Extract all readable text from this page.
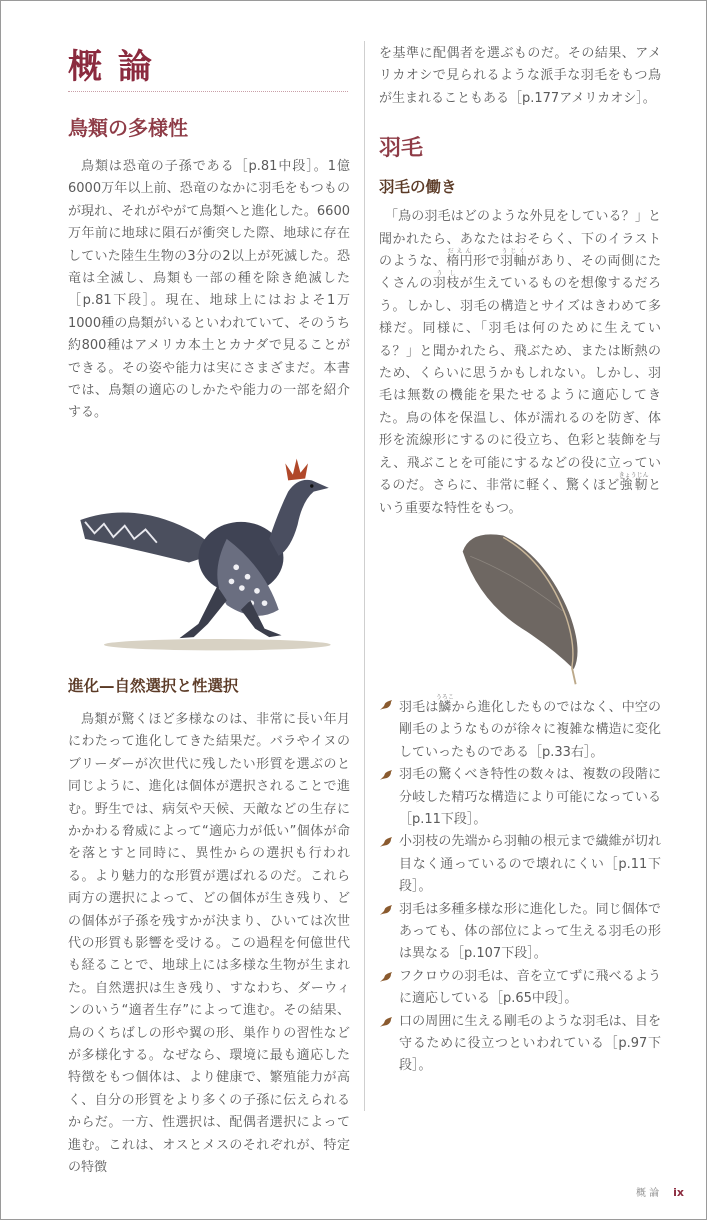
概 論
鳥類の多様性

鳥類は恐竜の子孫である［p.81中段］。1億6000万年以上前、恐竜のなかに羽毛をもつものが現れ、それがやがて鳥類へと進化した。6600万年前に地球に隕石が衝突した際、地球に存在していた陸生生物の3分の2以上が死滅した。恐竜は全滅し、鳥類も一部の種を除き絶滅した［p.81下段］。現在、地球上にはおよそ1万1000種の鳥類がいるといわれていて、そのうち約800種はアメリカ本土とカナダで見ることができる。その姿や能力は実にさまざまだ。本書では、鳥類の適応のしかたや能力の一部を紹介する。

進化—自然選択と性選択

鳥類が驚くほど多様なのは、非常に長い年月にわたって進化してきた結果だ。バラやイヌのブリーダーが次世代に残したい形質を選ぶのと同じように、進化は個体が選択されることで進む。野生では、病気や天候、天敵などの生存にかかわる脅威によって“適応力が低い”個体が命を落とすと同時に、異性からの選択も行われる。より魅力的な形質が選ばれるのだ。これら両方の選択によって、どの個体が生き残り、どの個体が子孫を残すかが決まり、ひいては次世代の形質も影響を受ける。この過程を何億世代も経ることで、地球上には多様な生物が生まれた。自然選択は生き残り、すなわち、ダーウィンのいう“適者生存”によって進む。その結果、鳥のくちばしの形や翼の形、巣作りの習性などが多様化する。なぜなら、環境に最も適応した特徴をもつ個体は、より健康で、繁殖能力が高く、自分の形質をより多くの子孫に伝えられるからだ。一方、性選択は、配偶者選択によって進む。これは、オスとメスのそれぞれが、特定の特徴

を基準に配偶者を選ぶものだ。その結果、アメリカオシで見られるような派手な羽毛をもつ鳥が生まれることもある［p.177アメリカオシ］。

羽毛
羽毛の働き

「鳥の羽毛はどのような外見をしている？」と聞かれたら、あなたはおそらく、下のイラストのような、楕円だえん形で羽軸うじくがあり、その両側にたくさんの羽枝うしが生えているものを想像するだろう。しかし、羽毛の構造とサイズはきわめて多様だ。同様に、「羽毛は何のために生えている？」と聞かれたら、飛ぶため、または断熱のため、くらいに思うかもしれない。しかし、羽毛は無数の機能を果たせるように適応してきた。鳥の体を保温し、体が濡れるのを防ぎ、体形を流線形にするのに役立ち、色彩と装飾を与え、飛ぶことを可能にするなどの役に立っているのだ。さらに、非常に軽く、驚くほど強靭きょうじんという重要な特性をもつ。

羽毛は鱗うろこから進化したものではなく、中空の剛毛のようなものが徐々に複雑な構造に変化していったものである［p.33右］。
羽毛の驚くべき特性の数々は、複数の段階に分岐した精巧な構造により可能になっている［p.11下段］。
小羽枝の先端から羽軸の根元まで繊維が切れ目なく通っているので壊れにくい［p.11下段］。
羽毛は多種多様な形に進化した。同じ個体であっても、体の部位によって生える羽毛の形は異なる［p.107下段］。
フクロウの羽毛は、音を立てずに飛べるように適応している［p.65中段］。
口の周囲に生える剛毛のような羽毛は、目を守るために役立つといわれている［p.97下段］。
概 論 ix
